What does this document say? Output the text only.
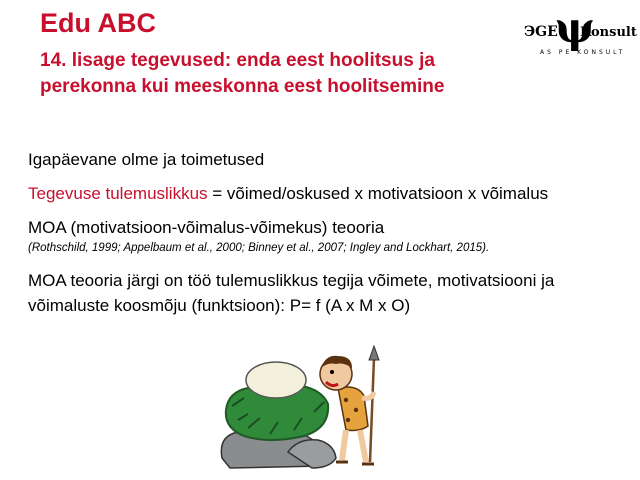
Edu ABC
14. lisage tegevused: enda eest hoolitsus ja perekonna kui meeskonna eest hoolitsemine
ЭGE
ψ
Konsult
AS PE KONSULT

Igapäevane olme ja toimetused

Tegevuse tulemuslikkus = võimed/oskused x motivatsioon x võimalus

MOA (motivatsioon-võimalus-võimekus) teooria

(Rothschild, 1999; Appelbaum et al., 2000; Binney et al., 2007; Ingley and Lockhart, 2015).

MOA teooria järgi on töö tulemuslikkus tegija võimete, motivatsiooni ja võimaluste koosmõju (funktsioon): P= f (A x M x O)
